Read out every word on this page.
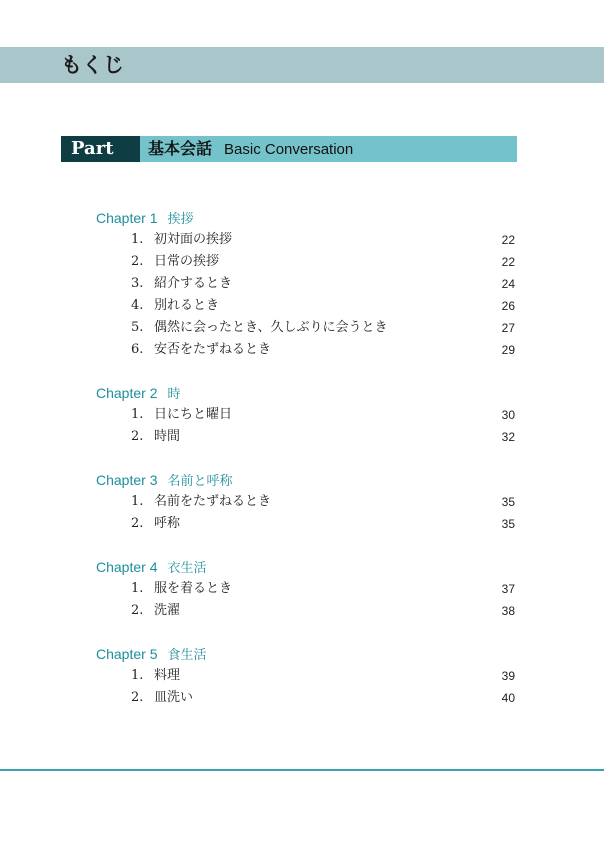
もくじ
Part 1
基本会話 Basic Conversation
Chapter 1 挨拶
1. 初対面の挨拶	22
2. 日常の挨拶	22
3. 紹介するとき	24
4. 別れるとき	26
5. 偶然に会ったとき、久しぶりに会うとき	27
6. 安否をたずねるとき	29
Chapter 2 時
1. 日にちと曜日	30
2. 時間	32
Chapter 3 名前と呼称
1. 名前をたずねるとき	35
2. 呼称	35
Chapter 4 衣生活
1. 服を着るとき	37
2. 洗濯	38
Chapter 5 食生活
1. 料理	39
2. 皿洗い	40
